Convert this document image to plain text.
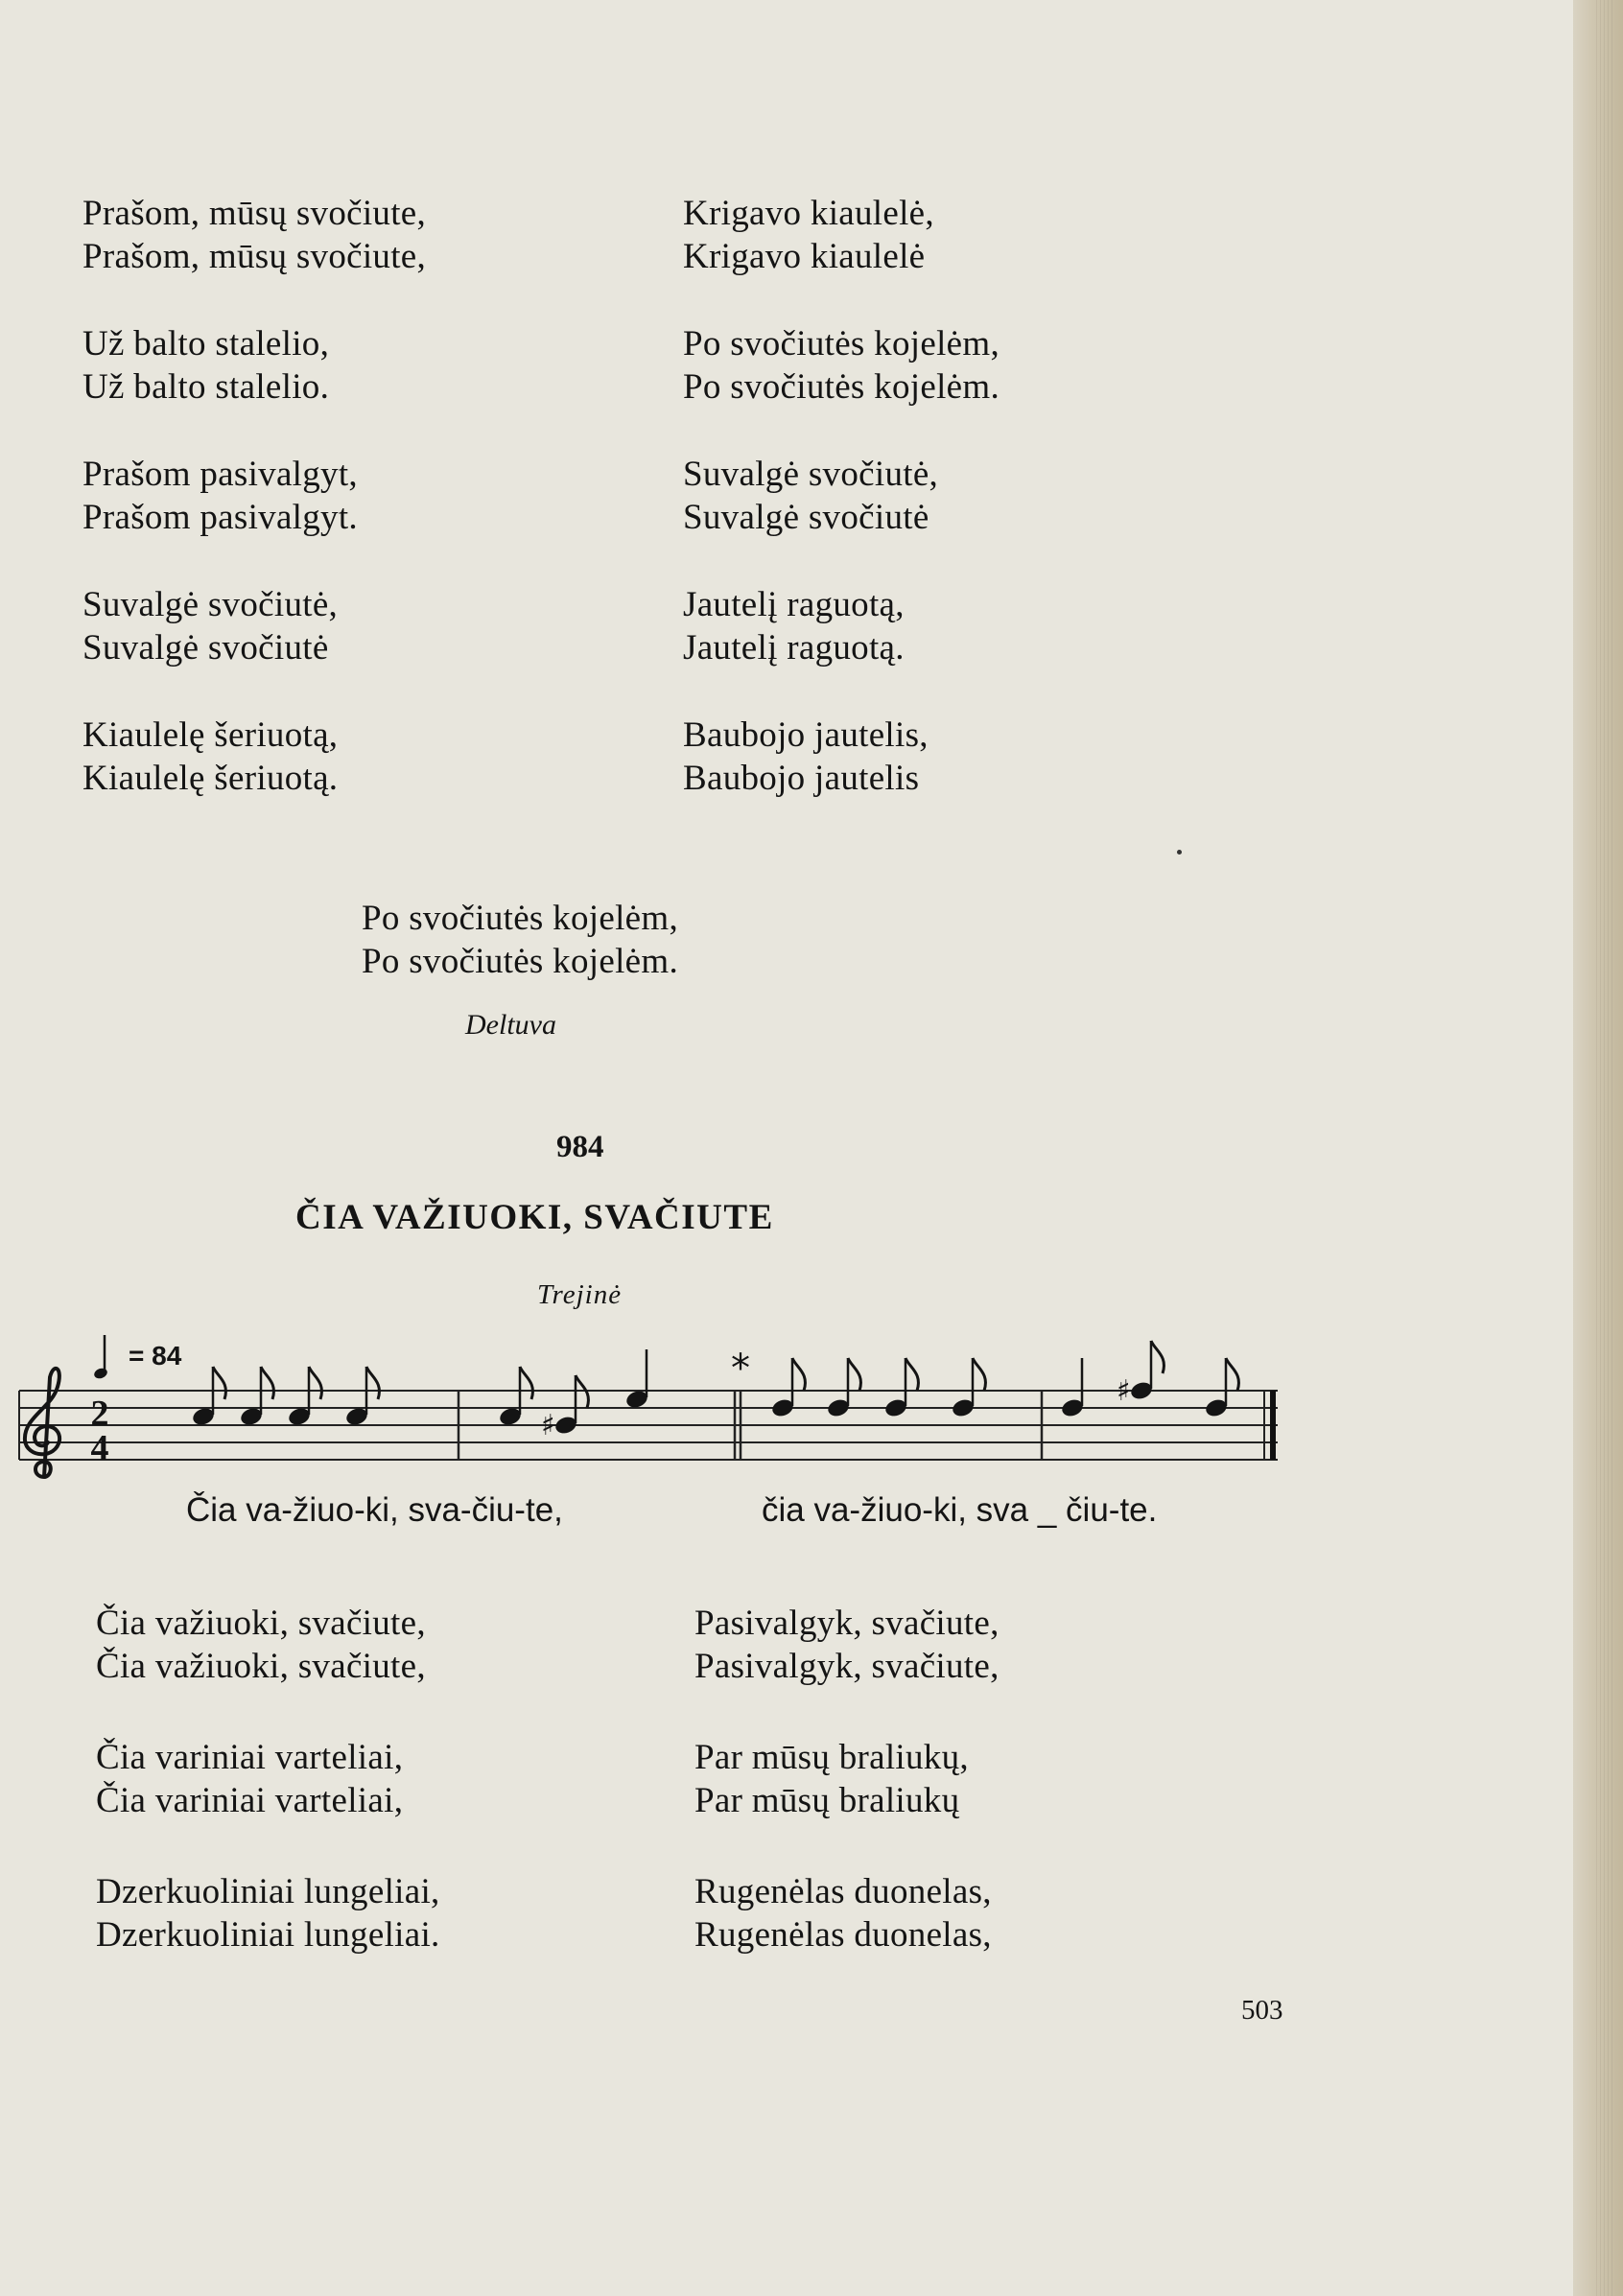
Prašom, mūsų svočiute,
Prašom, mūsų svočiute,
Už balto stalelio,
Už balto stalelio.
Prašom pasivalgyt,
Prašom pasivalgyt.
Suvalgė svočiutė,
Suvalgė svočiutė
Kiaulelę šeriuotą,
Kiaulelę šeriuotą.
Krigavo kiaulelė,
Krigavo kiaulelė
Po svočiutės kojelėm,
Po svočiutės kojelėm.
Suvalgė svočiutė,
Suvalgė svočiutė
Jautelį raguotą,
Jautelį raguotą.
Baubojo jautelis,
Baubojo jautelis
Po svočiutės kojelėm,
Po svočiutės kojelėm.
Deltuva
984
ČIA VAŽIUOKI, SVAČIUTE
Trejinė
= 84
2
4
♯
♯
*
Čia va-žiuo-ki, sva-čiu-te,	čia va-žiuo-ki, sva _ čiu-te.
Čia važiuoki, svačiute,
Čia važiuoki, svačiute,
Čia variniai varteliai,
Čia variniai varteliai,
Dzerkuoliniai lungeliai,
Dzerkuoliniai lungeliai.
Pasivalgyk, svačiute,
Pasivalgyk, svačiute,
Par mūsų braliukų,
Par mūsų braliukų
Rugenėlas duonelas,
Rugenėlas duonelas,
503
